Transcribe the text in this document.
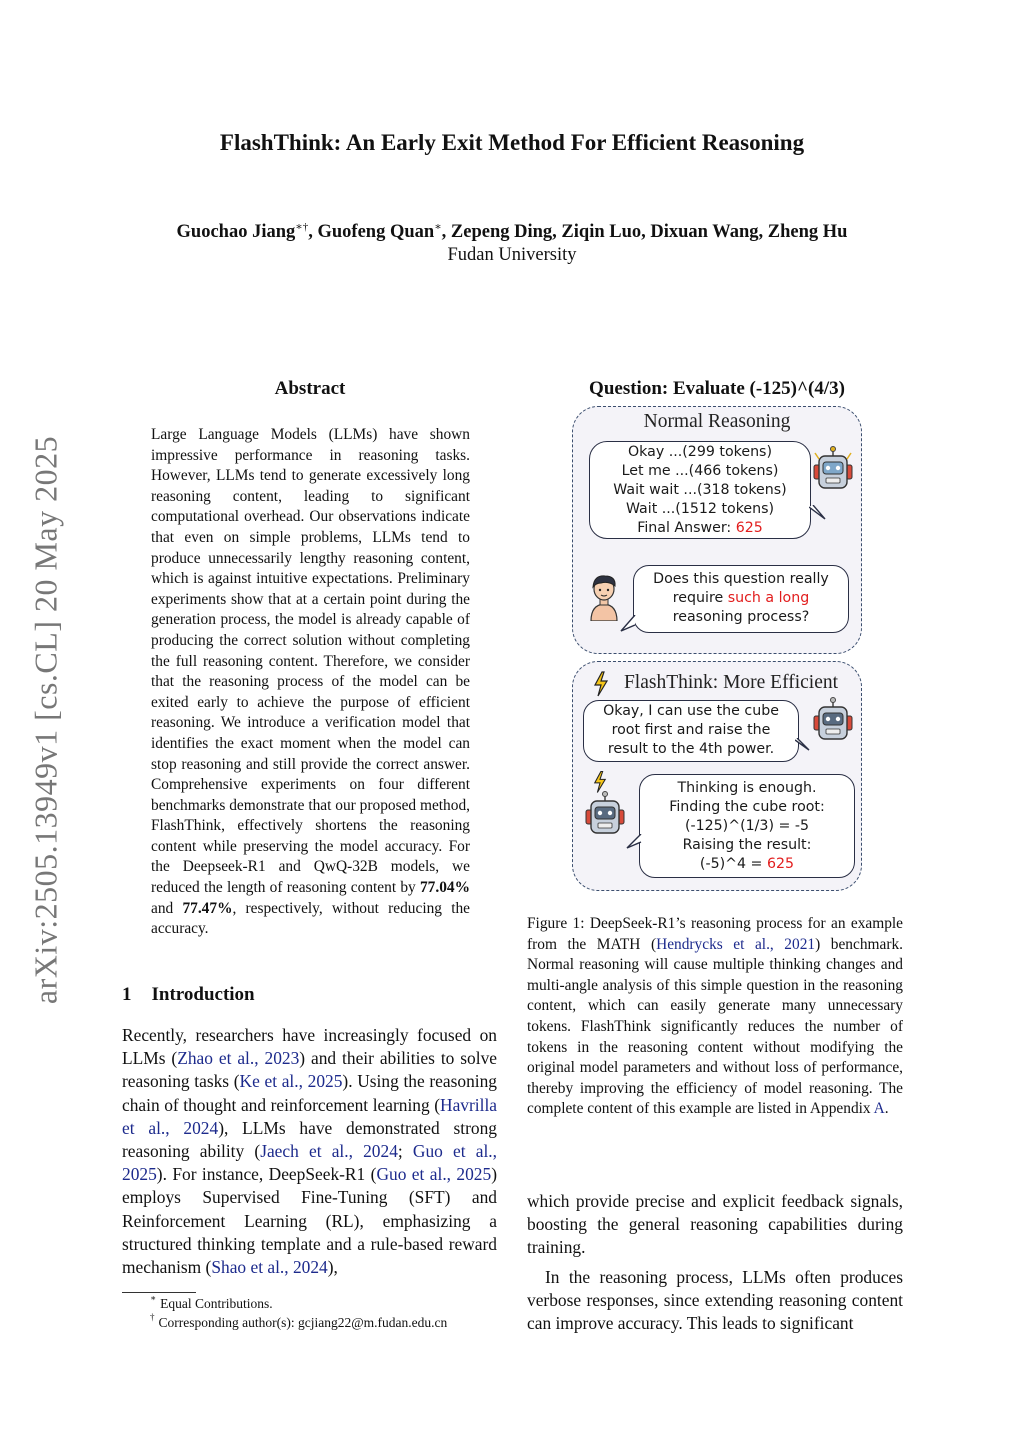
FlashThink: An Early Exit Method For Efficient Reasoning
Guochao Jiang∗†, Guofeng Quan∗, Zepeng Ding, Ziqin Luo, Dixuan Wang, Zheng Hu
Fudan University
arXiv:2505.13949v1 [cs.CL] 20 May 2025
Abstract
Large Language Models (LLMs) have shown impressive performance in reasoning tasks. However, LLMs tend to generate excessively long reasoning content, leading to significant computational overhead. Our observations indicate that even on simple problems, LLMs tend to produce unnecessarily lengthy reasoning content, which is against intuitive expectations. Preliminary experiments show that at a certain point during the generation process, the model is already capable of producing the correct solution without completing the full reasoning content. Therefore, we consider that the reasoning process of the model can be exited early to achieve the purpose of efficient reasoning. We introduce a verification model that identifies the exact moment when the model can stop reasoning and still provide the correct answer. Comprehensive experiments on four different benchmarks demonstrate that our proposed method, FlashThink, effectively shortens the reasoning content while preserving the model accuracy. For the Deepseek-R1 and QwQ-32B models, we reduced the length of reasoning content by 77.04% and 77.47%, respectively, without reducing the accuracy.
1 Introduction
Recently, researchers have increasingly focused on LLMs (Zhao et al., 2023) and their abilities to solve reasoning tasks (Ke et al., 2025). Using the reasoning chain of thought and reinforcement learning (Havrilla et al., 2024), LLMs have demonstrated strong reasoning ability (Jaech et al., 2024; Guo et al., 2025). For instance, DeepSeek-R1 (Guo et al., 2025) employs Supervised Fine-Tuning (SFT) and Reinforcement Learning (RL), emphasizing a structured thinking template and a rule-based reward mechanism (Shao et al., 2024),
∗ Equal Contributions.
† Corresponding author(s): gcjiang22@m.fudan.edu.cn
Question: Evaluate (-125)^(4/3)
Normal Reasoning
Okay ...(299 tokens)
Let me ...(466 tokens)
Wait wait ...(318 tokens)
Wait ...(1512 tokens)
Final Answer: 625
Does this question really
require such a long
reasoning process?
FlashThink: More Efficient
Okay, I can use the cube
root first and raise the
result to the 4th power.
Thinking is enough.
Finding the cube root:
(-125)^(1/3) = -5
Raising the result:
(-5)^4 = 625
Figure 1: DeepSeek-R1’s reasoning process for an example from the MATH (Hendrycks et al., 2021) benchmark. Normal reasoning will cause multiple thinking changes and multi-angle analysis of this simple question in the reasoning content, which can easily generate many unnecessary tokens. FlashThink significantly reduces the number of tokens in the reasoning content without modifying the original model parameters and without loss of performance, thereby improving the efficiency of model reasoning. The complete content of this example are listed in Appendix A.

which provide precise and explicit feedback signals, boosting the general reasoning capabilities during training.

In the reasoning process, LLMs often produces verbose responses, since extending reasoning content can improve accuracy. This leads to significant
